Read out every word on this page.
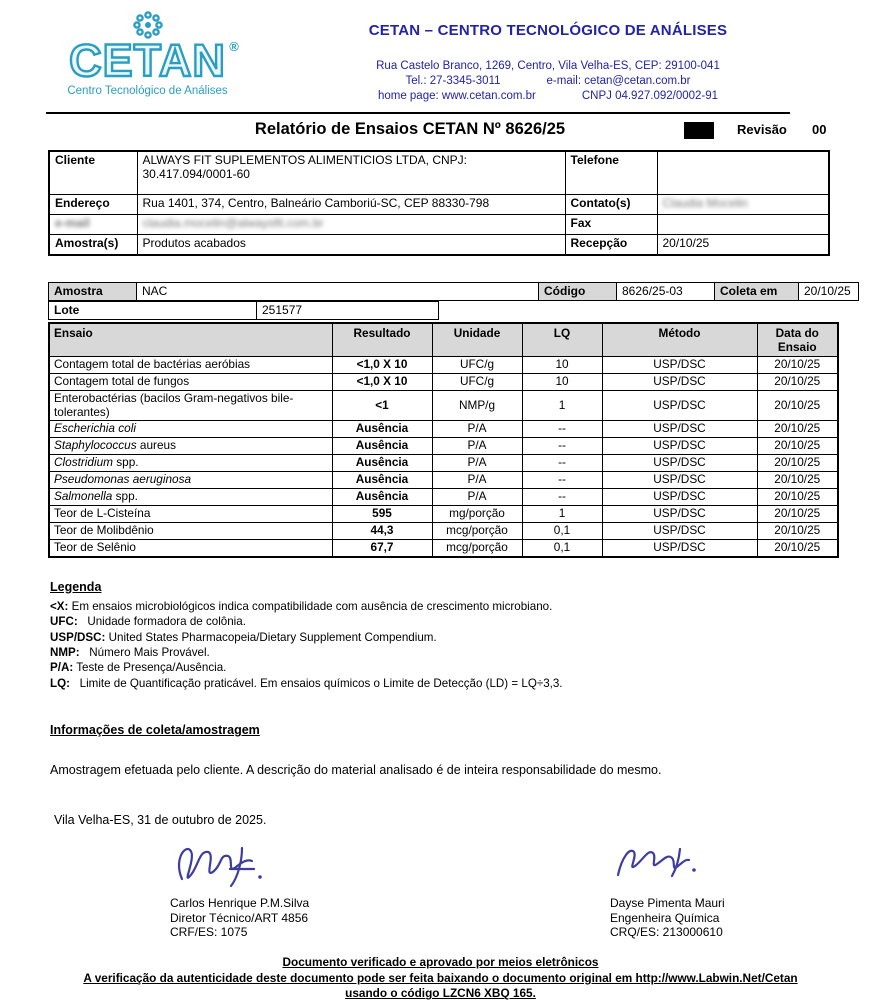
CETAN ®
Centro Tecnológico de Análises
CETAN – CENTRO TECNOLÓGICO DE ANÁLISES
Rua Castelo Branco, 1269, Centro, Vila Velha-ES, CEP: 29100-041
Tel.: 27-3345-3011	e-mail: cetan@cetan.com.br
home page: www.cetan.com.br	CNPJ 04.927.092/0002-91
Relatório de Ensaios CETAN Nº 8626/25	Revisão 00
Cliente	ALWAYS FIT SUPLEMENTOS ALIMENTICIOS LTDA, CNPJ: 30.417.094/0001-60	Telefone	
Endereço	Rua 1401, 374, Centro, Balneário Camboriú-SC, CEP 88330-798	Contato(s)	Claudia Mocelin
e-mail	claudia.mocelin@alwaysfit.com.br	Fax	
Amostra(s)	Produtos acabados	Recepção	20/10/25
Amostra	NAC	Código	8626/25-03	Coleta em	20/10/25
Lote	251577
Ensaio	Resultado	Unidade	LQ	Método	Data do Ensaio
Contagem total de bactérias aeróbias	<1,0 X 10	UFC/g	10	USP/DSC	20/10/25
Contagem total de fungos	<1,0 X 10	UFC/g	10	USP/DSC	20/10/25
Enterobactérias (bacilos Gram-negativos bile-tolerantes)	<1	NMP/g	1	USP/DSC	20/10/25
Escherichia coli	Ausência	P/A	--	USP/DSC	20/10/25
Staphylococcus aureus	Ausência	P/A	--	USP/DSC	20/10/25
Clostridium spp.	Ausência	P/A	--	USP/DSC	20/10/25
Pseudomonas aeruginosa	Ausência	P/A	--	USP/DSC	20/10/25
Salmonella spp.	Ausência	P/A	--	USP/DSC	20/10/25
Teor de L-Cisteína	595	mg/porção	1	USP/DSC	20/10/25
Teor de Molibdênio	44,3	mcg/porção	0,1	USP/DSC	20/10/25
Teor de Selênio	67,7	mcg/porção	0,1	USP/DSC	20/10/25
Legenda
<X: Em ensaios microbiológicos indica compatibilidade com ausência de crescimento microbiano.
UFC:   Unidade formadora de colônia.
USP/DSC: United States Pharmacopeia/Dietary Supplement Compendium.
NMP:   Número Mais Provável.
P/A: Teste de Presença/Ausência.
LQ:   Limite de Quantificação praticável. Em ensaios químicos o Limite de Detecção (LD) = LQ÷3,3.
Informações de coleta/amostragem
Amostragem efetuada pelo cliente. A descrição do material analisado é de inteira responsabilidade do mesmo.
Vila Velha-ES, 31 de outubro de 2025.
Carlos Henrique P.M.Silva
Diretor Técnico/ART 4856
CRF/ES: 1075
Dayse Pimenta Mauri
Engenheira Química
CRQ/ES: 213000610
Documento verificado e aprovado por meios eletrônicos
A verificação da autenticidade deste documento pode ser feita baixando o documento original em http://www.Labwin.Net/Cetan
usando o código LZCN6 XBQ 165.
